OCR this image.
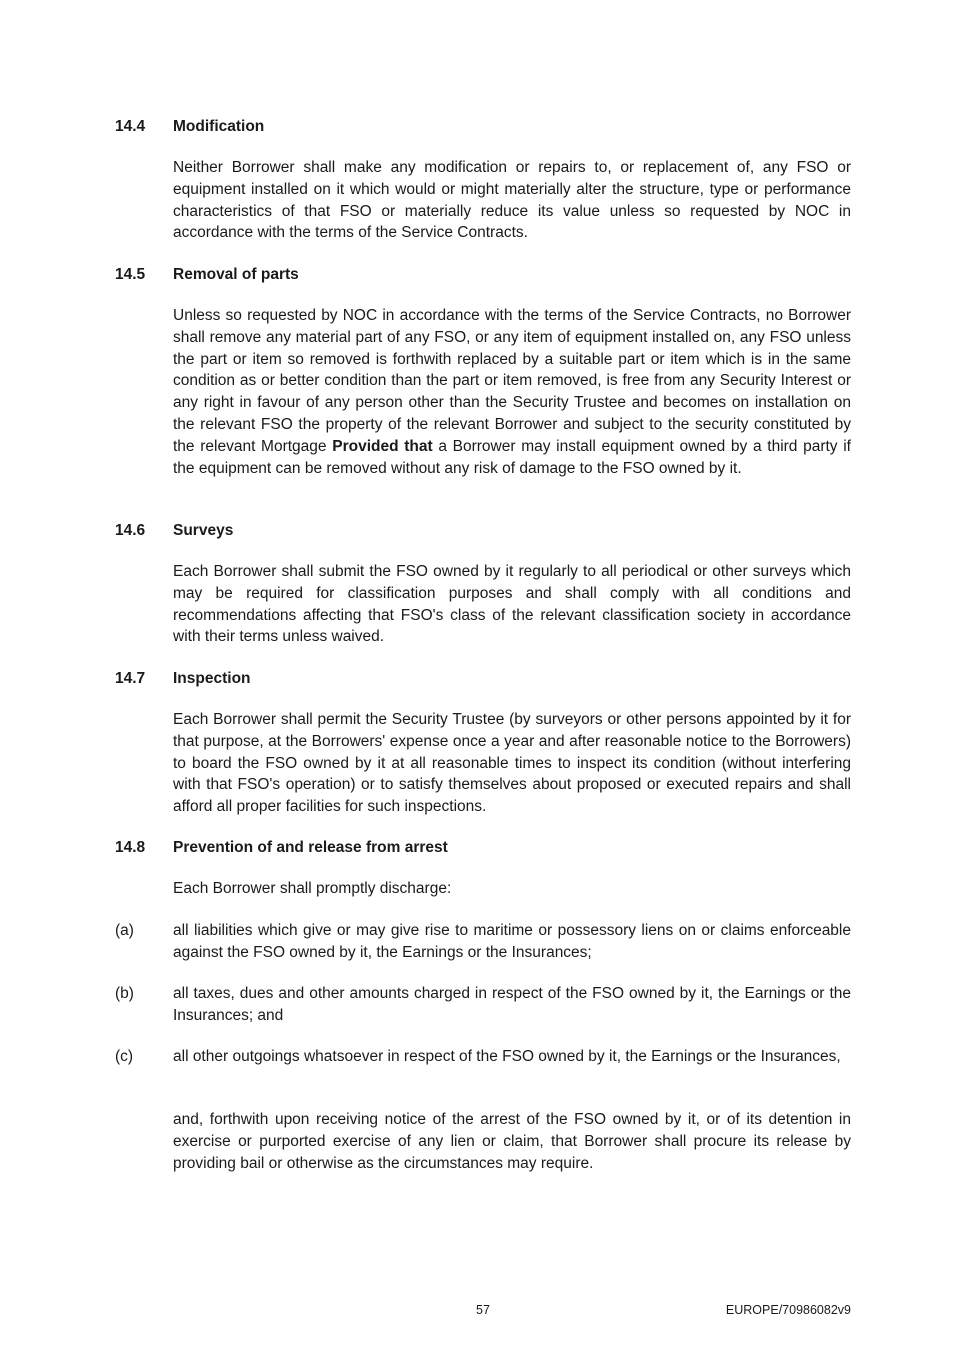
14.4 Modification
Neither Borrower shall make any modification or repairs to, or replacement of, any FSO or equipment installed on it which would or might materially alter the structure, type or performance characteristics of that FSO or materially reduce its value unless so requested by NOC in accordance with the terms of the Service Contracts.
14.5 Removal of parts
Unless so requested by NOC in accordance with the terms of the Service Contracts, no Borrower shall remove any material part of any FSO, or any item of equipment installed on, any FSO unless the part or item so removed is forthwith replaced by a suitable part or item which is in the same condition as or better condition than the part or item removed, is free from any Security Interest or any right in favour of any person other than the Security Trustee and becomes on installation on the relevant FSO the property of the relevant Borrower and subject to the security constituted by the relevant Mortgage Provided that a Borrower may install equipment owned by a third party if the equipment can be removed without any risk of damage to the FSO owned by it.
14.6 Surveys
Each Borrower shall submit the FSO owned by it regularly to all periodical or other surveys which may be required for classification purposes and shall comply with all conditions and recommendations affecting that FSO's class of the relevant classification society in accordance with their terms unless waived.
14.7 Inspection
Each Borrower shall permit the Security Trustee (by surveyors or other persons appointed by it for that purpose, at the Borrowers' expense once a year and after reasonable notice to the Borrowers) to board the FSO owned by it at all reasonable times to inspect its condition (without interfering with that FSO's operation) or to satisfy themselves about proposed or executed repairs and shall afford all proper facilities for such inspections.
14.8 Prevention of and release from arrest
Each Borrower shall promptly discharge:
(a)	all liabilities which give or may give rise to maritime or possessory liens on or claims enforceable against the FSO owned by it, the Earnings or the Insurances;
(b)	all taxes, dues and other amounts charged in respect of the FSO owned by it, the Earnings or the Insurances; and
(c)	all other outgoings whatsoever in respect of the FSO owned by it, the Earnings or the Insurances,
and, forthwith upon receiving notice of the arrest of the FSO owned by it, or of its detention in exercise or purported exercise of any lien or claim, that Borrower shall procure its release by providing bail or otherwise as the circumstances may require.
57	EUROPE/70986082v9
